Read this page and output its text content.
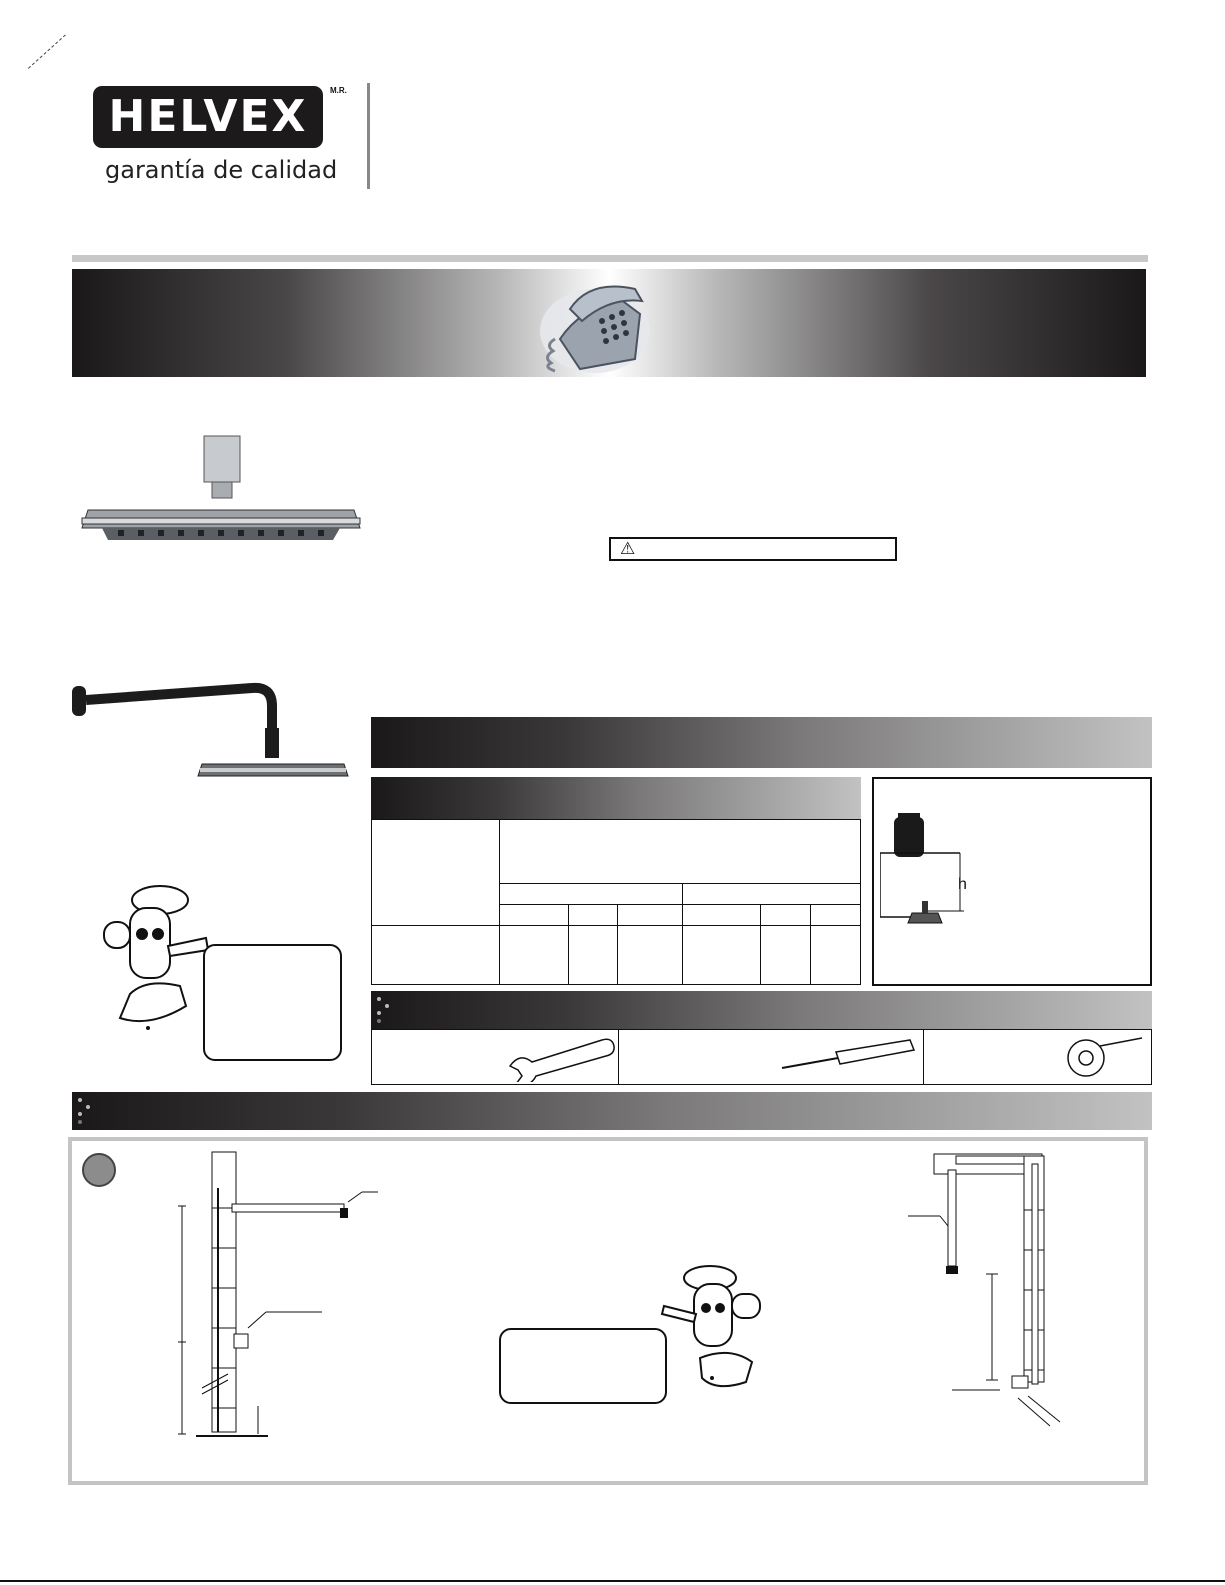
HELVEX
M.R.
garantía de calidad
⚠
h
